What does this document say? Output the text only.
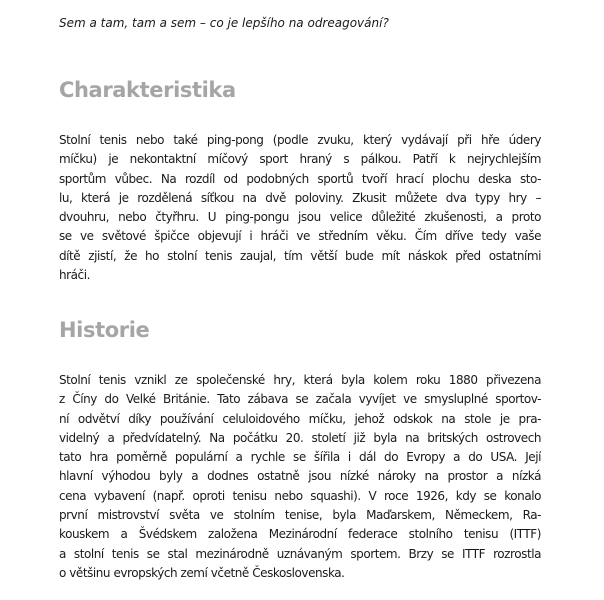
Sem a tam, tam a sem – co je lepšího na odreagování?
Charakteristika
Stolní tenis nebo také ping-pong (podle zvuku, který vydávají při hře údery
míčku) je nekontaktní míčový sport hraný s pálkou. Patří k nejrychlejším
sportům vůbec. Na rozdíl od podobných sportů tvoří hrací plochu deska sto-
lu, která je rozdělená síťkou na dvě poloviny. Zkusit můžete dva typy hry –
dvouhru, nebo čtyřhru. U ping-pongu jsou velice důležité zkušenosti, a proto
se ve světové špičce objevují i hráči ve středním věku. Čím dříve tedy vaše
dítě zjistí, že ho stolní tenis zaujal, tím větší bude mít náskok před ostatními
hráči.
Historie
Stolní tenis vznikl ze společenské hry, která byla kolem roku 1880 přivezena
z Číny do Velké Británie. Tato zábava se začala vyvíjet ve smysluplné sportov-
ní odvětví díky používání celuloidového míčku, jehož odskok na stole je pra-
videlný a předvídatelný. Na počátku 20. století již byla na britských ostrovech
tato hra poměrně populární a rychle se šířila i dál do Evropy a do USA. Její
hlavní výhodou byly a dodnes ostatně jsou nízké nároky na prostor a nízká
cena vybavení (např. oproti tenisu nebo squashi). V roce 1926, kdy se konalo
první mistrovství světa ve stolním tenise, byla Maďarskem, Německem, Ra-
kouskem a Švédskem založena Mezinárodní federace stolního tenisu (ITTF)
a stolní tenis se stal mezinárodně uznávaným sportem. Brzy se ITTF rozrostla
o většinu evropských zemí včetně Československa.
